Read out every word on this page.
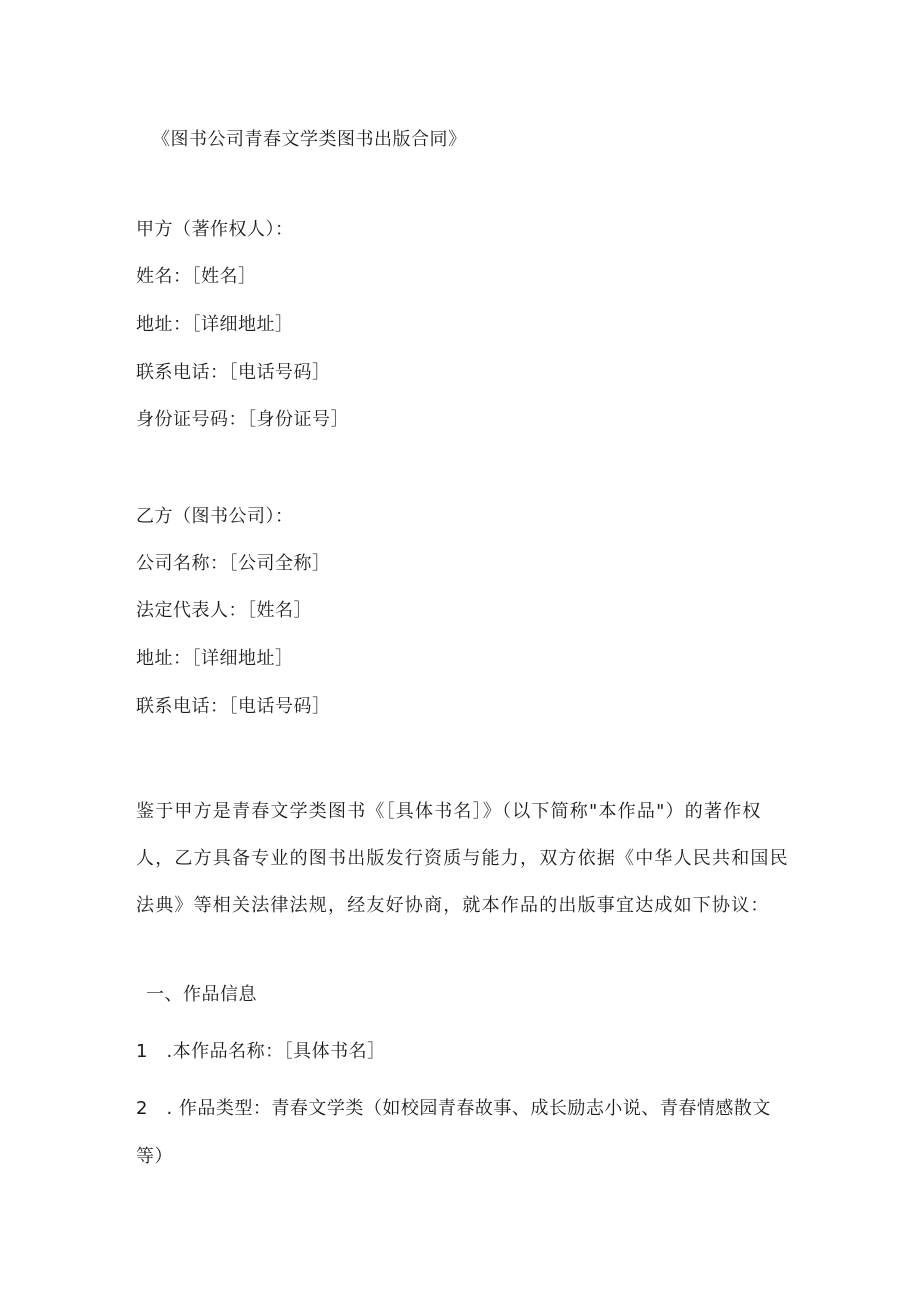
《图书公司青春文学类图书出版合同》
甲方（著作权人）：
姓名：［姓名］
地址：［详细地址］
联系电话：［电话号码］
身份证号码：［身份证号］
乙方（图书公司）：
公司名称：［公司全称］
法定代表人：［姓名］
地址：［详细地址］
联系电话：［电话号码］
鉴于甲方是青春文学类图书《［具体书名］》（以下简称"本作品"）的著作权
人，乙方具备专业的图书出版发行资质与能力，双方依据《中华人民共和国民
法典》等相关法律法规，经友好协商，就本作品的出版事宜达成如下协议：
一、作品信息
1　.本作品名称：［具体书名］
2　. 作品类型：青春文学类（如校园青春故事、成长励志小说、青春情感散文
等）
